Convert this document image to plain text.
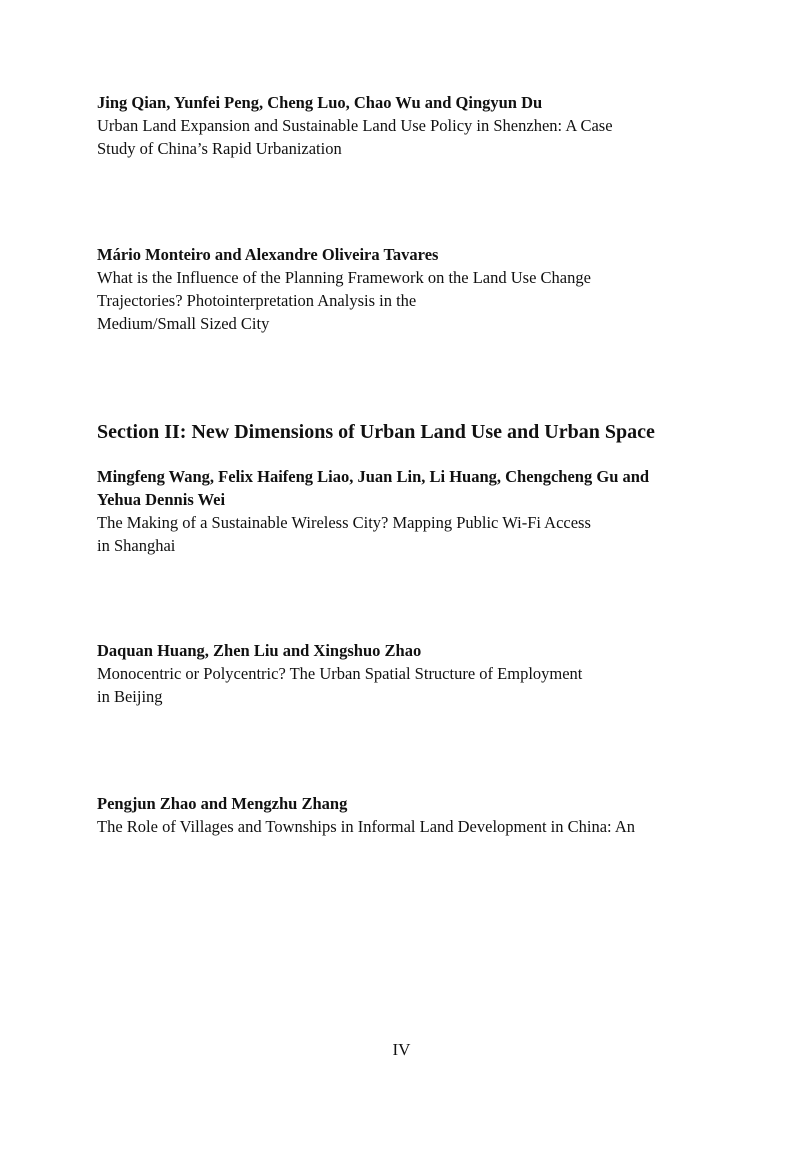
Jing Qian, Yunfei Peng, Cheng Luo, Chao Wu and Qingyun Du
Urban Land Expansion and Sustainable Land Use Policy in Shenzhen: A Case
Study of China’s Rapid Urbanization
Mário Monteiro and Alexandre Oliveira Tavares
What is the Influence of the Planning Framework on the Land Use Change
Trajectories? Photointerpretation Analysis in the
Medium/Small Sized City
Section II: New Dimensions of Urban Land Use and Urban Space
Mingfeng Wang, Felix Haifeng Liao, Juan Lin, Li Huang, Chengcheng Gu and
Yehua Dennis Wei
The Making of a Sustainable Wireless City? Mapping Public Wi-Fi Access
in Shanghai
Daquan Huang, Zhen Liu and Xingshuo Zhao
Monocentric or Polycentric? The Urban Spatial Structure of Employment
in Beijing
Pengjun Zhao and Mengzhu Zhang
The Role of Villages and Townships in Informal Land Development in China: An
IV
